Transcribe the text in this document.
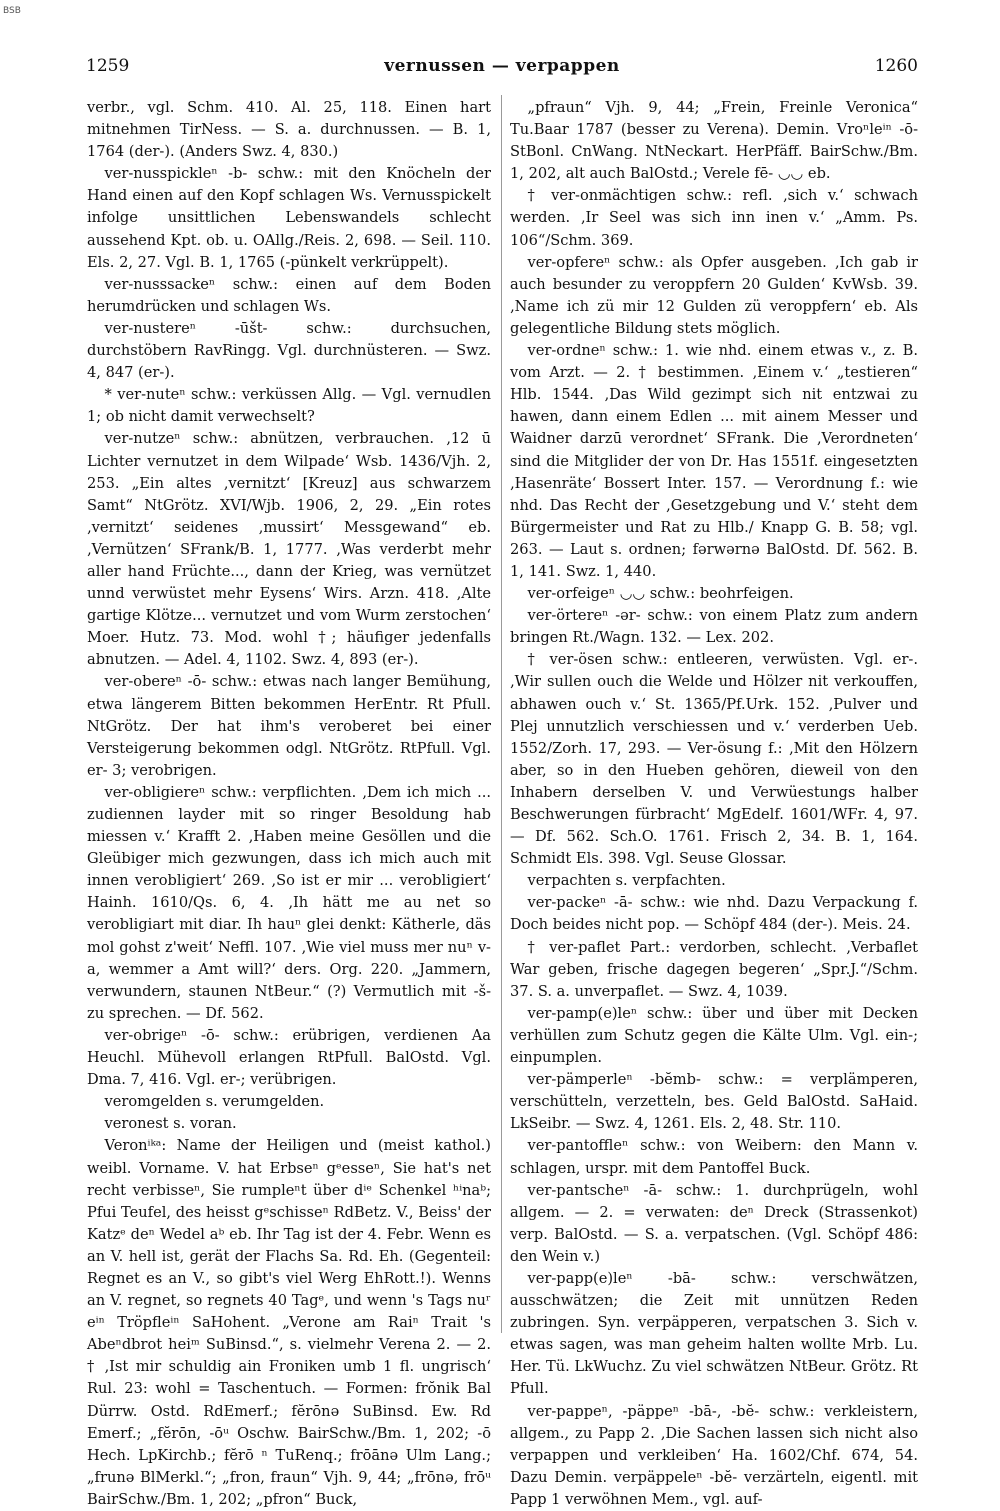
BSB
1259	vernussen — verpappen	1260

verbr., vgl. Schm. 410. Al. 25, 118. Einen hart mitnehmen TirNess. — S. a. durchnussen. — B. 1, 1764 (der-). (Anders Swz. 4, 830.)

ver-nusspickleⁿ -b- schw.: mit den Knöcheln der Hand einen auf den Kopf schlagen Ws. Vernusspickelt infolge unsittlichen Lebenswandels schlecht aussehend Kpt. ob. u. OAllg./Reis. 2, 698. — Seil. 110. Els. 2, 27. Vgl. B. 1, 1765 (-pünkelt verkrüppelt).

ver-nusssackeⁿ schw.: einen auf dem Boden herumdrücken und schlagen Ws.

ver-nustereⁿ -ūšt- schw.: durchsuchen, durchstöbern RavRingg. Vgl. durchnüsteren. — Swz. 4, 847 (er-).

* ver-nuteⁿ schw.: verküssen Allg. — Vgl. vernudlen 1; ob nicht damit verwechselt?

ver-nutzeⁿ schw.: abnützen, verbrauchen. ‚12 ū Lichter vernutzet in dem Wilpade‘ Wsb. 1436/Vjh. 2, 253. „Ein altes ‚vernitzt‘ [Kreuz] aus schwarzem Samt“ NtGrötz. XVI/Wjb. 1906, 2, 29. „Ein rotes ‚vernitzt‘ seidenes ‚mussirt‘ Messgewand“ eb. ‚Vernützen‘ SFrank/B. 1, 1777. ‚Was verderbt mehr aller hand Früchte..., dann der Krieg, was vernützet unnd verwüstet mehr Eysens‘ Wirs. Arzn. 418. ‚Alte gartige Klötze... vernutzet und vom Wurm zerstochen‘ Moer. Hutz. 73. Mod. wohl †; häufiger jedenfalls abnutzen. — Adel. 4, 1102. Swz. 4, 893 (er-).

ver-obereⁿ -ō- schw.: etwas nach langer Bemühung, etwa längerem Bitten bekommen HerEntr. Rt Pfull. NtGrötz. Der hat ihm's veroberet bei einer Versteigerung bekommen odgl. NtGrötz. RtPfull. Vgl. er- 3; verobrigen.

ver-obligiereⁿ schw.: verpflichten. ‚Dem ich mich ... zudiennen layder mit so ringer Besoldung hab miessen v.‘ Krafft 2. ‚Haben meine Gesöllen und die Gleübiger mich gezwungen, dass ich mich auch mit innen verobligiert‘ 269. ‚So ist er mir ... verobligiert‘ Hainh. 1610/Qs. 6, 4. ‚Ih hätt me au net so verobligiart mit diar. Ih hauⁿ glei denkt: Kätherle, däs mol gohst z'weit‘ Neffl. 107. ‚Wie viel muss mer nuⁿ v-a, wemmer a Amt will?‘ ders. Org. 220. „Jammern, verwundern, staunen NtBeur.“ (?) Vermutlich mit -š- zu sprechen. — Df. 562.

ver-obrigeⁿ -ō- schw.: erübrigen, verdienen Aa Heuchl. Mühevoll erlangen RtPfull. BalOstd. Vgl. Dma. 7, 416. Vgl. er-; verübrigen.

veromgelden s. verumgelden.

veronest s. voran.

Veronⁱᵏᵃ: Name der Heiligen und (meist kathol.) weibl. Vorname. V. hat Erbseⁿ gᵉesseⁿ, Sie hat's net recht verbisseⁿ, Sie rumpleⁿt über dⁱᵉ Schenkel ʰⁱnaᵇ; Pfui Teufel, des heisst gᵉschisseⁿ RdBetz. V., Beiss' der Katzᵉ deⁿ Wedel aᵇ eb. Ihr Tag ist der 4. Febr. Wenn es an V. hell ist, gerät der Flachs Sa. Rd. Eh. (Gegenteil: Regnet es an V., so gibt's viel Werg EhRott.!). Wenns an V. regnet, so regnets 40 Tagᵉ, und wenn 's Tags nuʳ eⁱⁿ Tröpfleⁱⁿ SaHohent. „Verone am Raiⁿ Trait 's Abeⁿdbrot heiᵐ SuBinsd.“, s. vielmehr Verena 2. — 2. † ‚Ist mir schuldig ain Froniken umb 1 fl. ungrisch‘ Rul. 23: wohl = Taschentuch. — Formen: frŏnik Bal Dürrw. Ostd. RdEmerf.; fĕrōnə SuBinsd. Ew. Rd Emerf.; „fĕrōn, -ōᵘ Oschw. BairSchw./Bm. 1, 202; -ō Hech. LpKirchb.; fĕrō ⁿ TuRenq.; frōānə Ulm Lang.; „frunə BlMerkl.“; „fron, fraun“ Vjh. 9, 44; „frōnə, frōᵘ BairSchw./Bm. 1, 202; „pfron“ Buck,

„pfraun“ Vjh. 9, 44; „Frein, Freinle Veronica“ Tu.Baar 1787 (besser zu Verena). Demin. Vroⁿleⁱⁿ -ō- StBonl. CnWang. NtNeckart. HerPfäff. BairSchw./Bm. 1, 202, alt auch BalOstd.; Verele fē- ◡◡ eb.

† ver-onmächtigen schw.: refl. ‚sich v.‘ schwach werden. ‚Ir Seel was sich inn inen v.‘ „Amm. Ps. 106“/Schm. 369.

ver-opfereⁿ schw.: als Opfer ausgeben. ‚Ich gab ir auch besunder zu veroppfern 20 Gulden‘ KvWsb. 39. ‚Name ich zü mir 12 Gulden zü veroppfern‘ eb. Als gelegentliche Bildung stets möglich.

ver-ordneⁿ schw.: 1. wie nhd. einem etwas v., z. B. vom Arzt. — 2. † bestimmen. ‚Einem v.‘ „testieren“ Hlb. 1544. ‚Das Wild gezimpt sich nit entzwai zu hawen, dann einem Edlen ... mit ainem Messer und Waidner darzū verordnet‘ SFrank. Die ‚Verordneten‘ sind die Mitglider der von Dr. Has 1551f. eingesetzten ‚Hasenräte‘ Bossert Inter. 157. — Verordnung f.: wie nhd. Das Recht der ‚Gesetzgebung und V.‘ steht dem Bürgermeister und Rat zu Hlb./ Knapp G. B. 58; vgl. 263. — Laut s. ordnen; fǝrwǝrnǝ BalOstd. Df. 562. B. 1, 141. Swz. 1, 440.

ver-orfeigeⁿ ◡◡ schw.: beohrfeigen.

ver-örtereⁿ -ǝr- schw.: von einem Platz zum andern bringen Rt./Wagn. 132. — Lex. 202.

† ver-ösen schw.: entleeren, verwüsten. Vgl. er-. ‚Wir sullen ouch die Welde und Hölzer nit verkouffen, abhawen ouch v.‘ St. 1365/Pf.Urk. 152. ‚Pulver und Plej unnutzlich verschiessen und v.‘ verderben Ueb. 1552/Zorh. 17, 293. — Ver-ösung f.: ‚Mit den Hölzern aber, so in den Hueben gehören, dieweil von den Inhabern derselben V. und Verwüestungs halber Beschwerungen fürbracht‘ MgEdelf. 1601/WFr. 4, 97. — Df. 562. Sch.O. 1761. Frisch 2, 34. B. 1, 164. Schmidt Els. 398. Vgl. Seuse Glossar.

verpachten s. verpfachten.

ver-packeⁿ -ā- schw.: wie nhd. Dazu Verpackung f. Doch beides nicht pop. — Schöpf 484 (der-). Meis. 24.

† ver-paflet Part.: verdorben, schlecht. ‚Verbaflet War geben, frische dagegen begeren‘ „Spr.J.“/Schm. 37. S. a. unverpaflet. — Swz. 4, 1039.

ver-pamp(e)leⁿ schw.: über und über mit Decken verhüllen zum Schutz gegen die Kälte Ulm. Vgl. ein-; einpumplen.

ver-pämperleⁿ -bĕmb- schw.: = verplämperen, verschütteln, verzetteln, bes. Geld BalOstd. SaHaid. LkSeibr. — Swz. 4, 1261. Els. 2, 48. Str. 110.

ver-pantoffleⁿ schw.: von Weibern: den Mann v. schlagen, urspr. mit dem Pantoffel Buck.

ver-pantscheⁿ -ā- schw.: 1. durchprügeln, wohl allgem. — 2. = verwaten: deⁿ Dreck (Strassenkot) verp. BalOstd. — S. a. verpatschen. (Vgl. Schöpf 486: den Wein v.)

ver-papp(e)leⁿ -bā- schw.: verschwätzen, ausschwätzen; die Zeit mit unnützen Reden zubringen. Syn. verpäpperen, verpatschen 3. Sich v. etwas sagen, was man geheim halten wollte Mrb. Lu. Her. Tü. LkWuchz. Zu viel schwätzen NtBeur. Grötz. Rt Pfull.

ver-pappeⁿ, -päppeⁿ -bā-, -bĕ- schw.: verkleistern, allgem., zu Papp 2. ‚Die Sachen lassen sich nicht also verpappen und verkleiben‘ Ha. 1602/Chf. 674, 54. Dazu Demin. verpäppeleⁿ -bĕ- verzärteln, eigentl. mit Papp 1 verwöhnen Mem., vgl. auf-
